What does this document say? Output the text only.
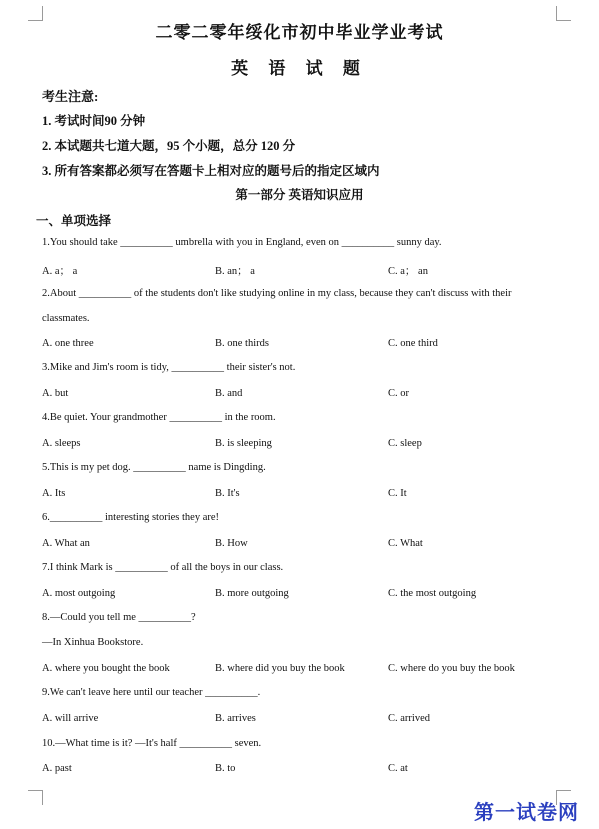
二零二零年绥化市初中毕业学业考试
英 语 试 题
考生注意:
1. 考试时间90 分钟
2. 本试题共七道大题，95 个小题，总分 120 分
3. 所有答案都必须写在答题卡上相对应的题号后的指定区域内
第一部分 英语知识应用
一、单项选择
1.You should take __________ umbrella with you in England, even on __________ sunny day.
A. a； a	B. an； a	C. a； an
2.About __________ of the students don't like studying online in my class, because they can't discuss with their
classmates.
A. one three	B. one thirds	C. one third
3.Mike and Jim's room is tidy, __________ their sister's not.
A. but	B. and	C. or
4.Be quiet. Your grandmother __________ in the room.
A. sleeps	B. is sleeping	C. sleep
5.This is my pet dog. __________ name is Dingding.
A. Its	B. It's	C. It
6.__________ interesting stories they are!
A. What an	B. How	C. What
7.I think Mark is __________ of all the boys in our class.
A. most outgoing	B. more outgoing	C. the most outgoing
8.—Could you tell me __________?
—In Xinhua Bookstore.
A. where you bought the book	B. where did you buy the book	C. where do you buy the book
9.We can't leave here until our teacher __________.
A. will arrive	B. arrives	C. arrived
10.—What time is it? —It's half __________ seven.
A. past	B. to	C. at
第一试卷网
